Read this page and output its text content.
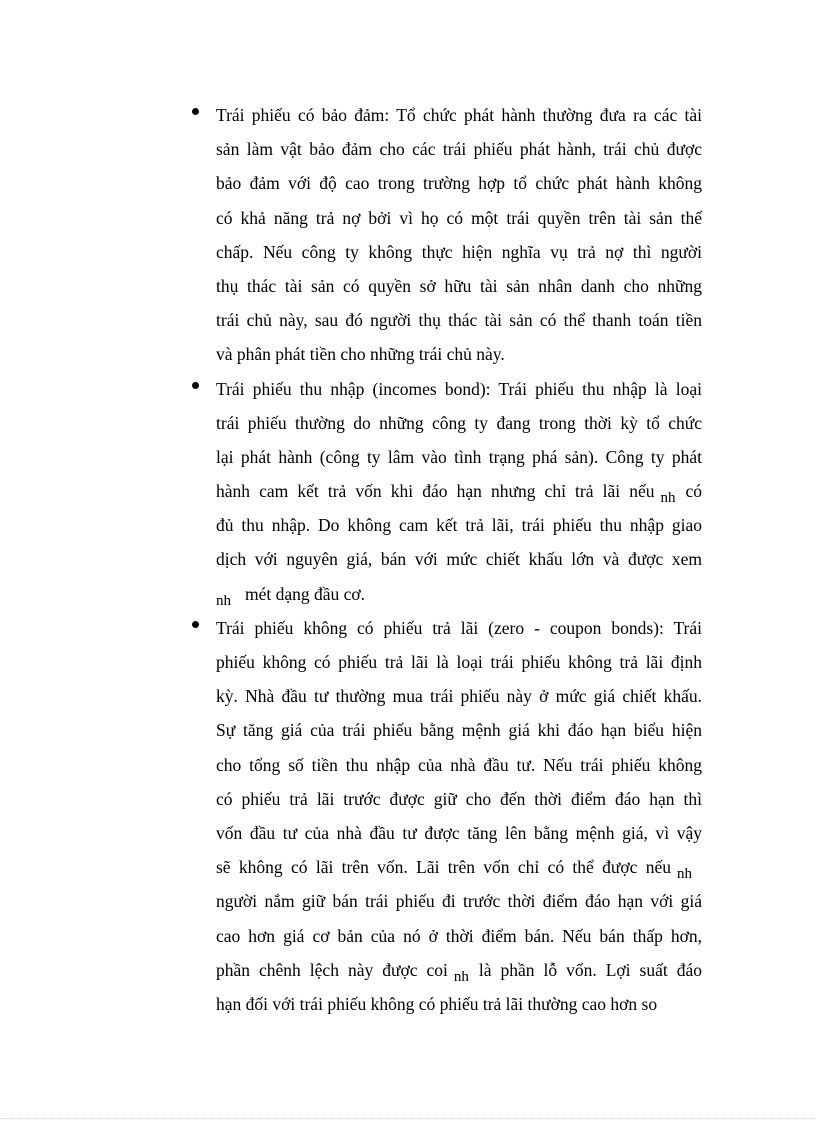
Trái phiếu có bảo đảm: Tổ chức phát hành thường đưa ra các tài
sản làm vật bảo đảm cho các trái phiếu phát hành, trái chủ được
bảo đảm với độ cao trong trường hợp tổ chức phát hành không
có khả năng trả nợ bởi vì họ có một trái quyền trên tài sản thế
chấp. Nếu công ty không thực hiện nghĩa vụ trả nợ thì người
thụ thác tài sản có quyền sở hữu tài sản nhân danh cho những
trái chủ này, sau đó người thụ thác tài sản có thể thanh toán tiền
và phân phát tiền cho những trái chủ này.
Trái phiếu thu nhập (incomes bond): Trái phiếu thu nhập là loại
trái phiếu thường do những công ty đang trong thời kỳ tổ chức
lại phát hành (công ty lâm vào tình trạng phá sản). Công ty phát
hành cam kết trả vốn khi đáo hạn nhưng chỉ trả lãi nếu nh có
đủ thu nhập. Do không cam kết trả lãi, trái phiếu thu nhập giao
dịch với nguyên giá, bán với mức chiết khấu lớn và được xem
nh mét dạng đầu cơ.
Trái phiếu không có phiếu trả lãi (zero - coupon bonds): Trái
phiếu không có phiếu trả lãi là loại trái phiếu không trả lãi định
kỳ. Nhà đầu tư thường mua trái phiếu này ở mức giá chiết khấu.
Sự tăng giá của trái phiếu bằng mệnh giá khi đáo hạn biểu hiện
cho tổng số tiền thu nhập của nhà đầu tư. Nếu trái phiếu không
có phiếu trả lãi trước được giữ cho đến thời điểm đáo hạn thì
vốn đầu tư của nhà đầu tư được tăng lên bằng mệnh giá, vì vậy
sẽ không có lãi trên vốn. Lãi trên vốn chỉ có thể được nếu nh
người nắm giữ bán trái phiếu đi trước thời điểm đáo hạn với giá
cao hơn giá cơ bản của nó ở thời điểm bán. Nếu bán thấp hơn,
phần chênh lệch này được coi nh là phần lỗ vốn. Lợi suất đáo
hạn đối với trái phiếu không có phiếu trả lãi thường cao hơn so
